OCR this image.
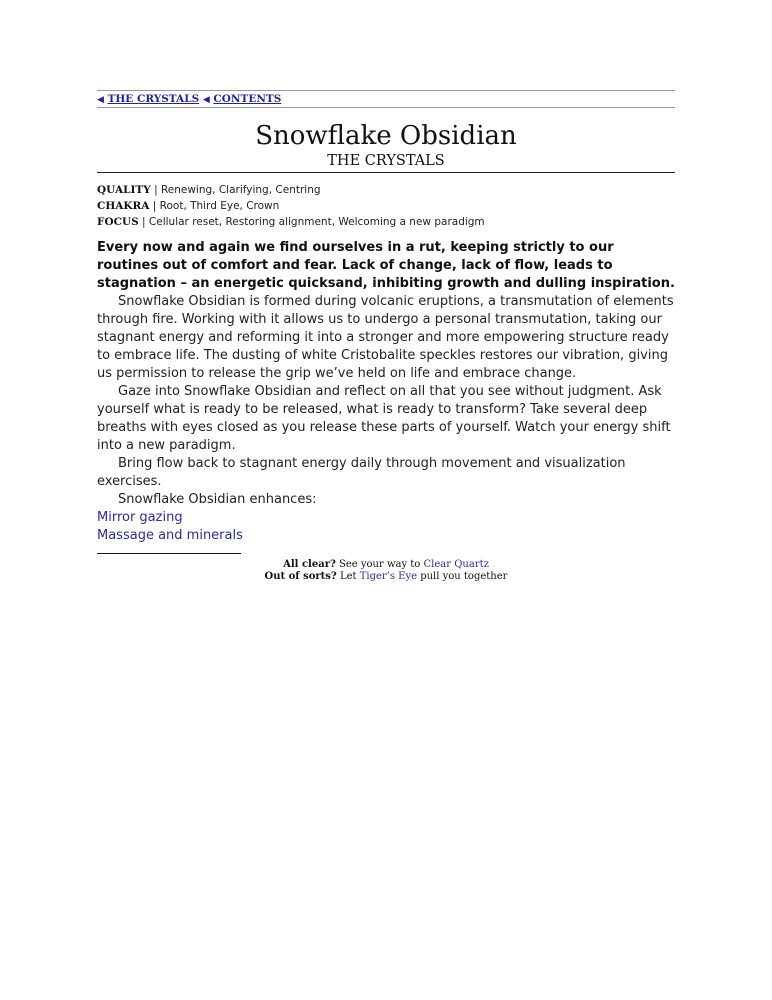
◀ THE CRYSTALS ◀ CONTENTS
Snowflake Obsidian
THE CRYSTALS
QUALITY | Renewing, Clarifying, Centring
CHAKRA | Root, Third Eye, Crown
FOCUS | Cellular reset, Restoring alignment, Welcoming a new paradigm
Every now and again we find ourselves in a rut, keeping strictly to our routines out of comfort and fear. Lack of change, lack of flow, leads to stagnation – an energetic quicksand, inhibiting growth and dulling inspiration.

Snowflake Obsidian is formed during volcanic eruptions, a transmutation of elements through fire. Working with it allows us to undergo a personal transmutation, taking our stagnant energy and reforming it into a stronger and more empowering structure ready to embrace life. The dusting of white Cristobalite speckles restores our vibration, giving us permission to release the grip we’ve held on life and embrace change.

Gaze into Snowflake Obsidian and reflect on all that you see without judgment. Ask yourself what is ready to be released, what is ready to transform? Take several deep breaths with eyes closed as you release these parts of yourself. Watch your energy shift into a new paradigm.

Bring flow back to stagnant energy daily through movement and visualization exercises.

Snowflake Obsidian enhances:

Mirror gazing
Massage and minerals
All clear? See your way to Clear Quartz
Out of sorts? Let Tiger’s Eye pull you together
